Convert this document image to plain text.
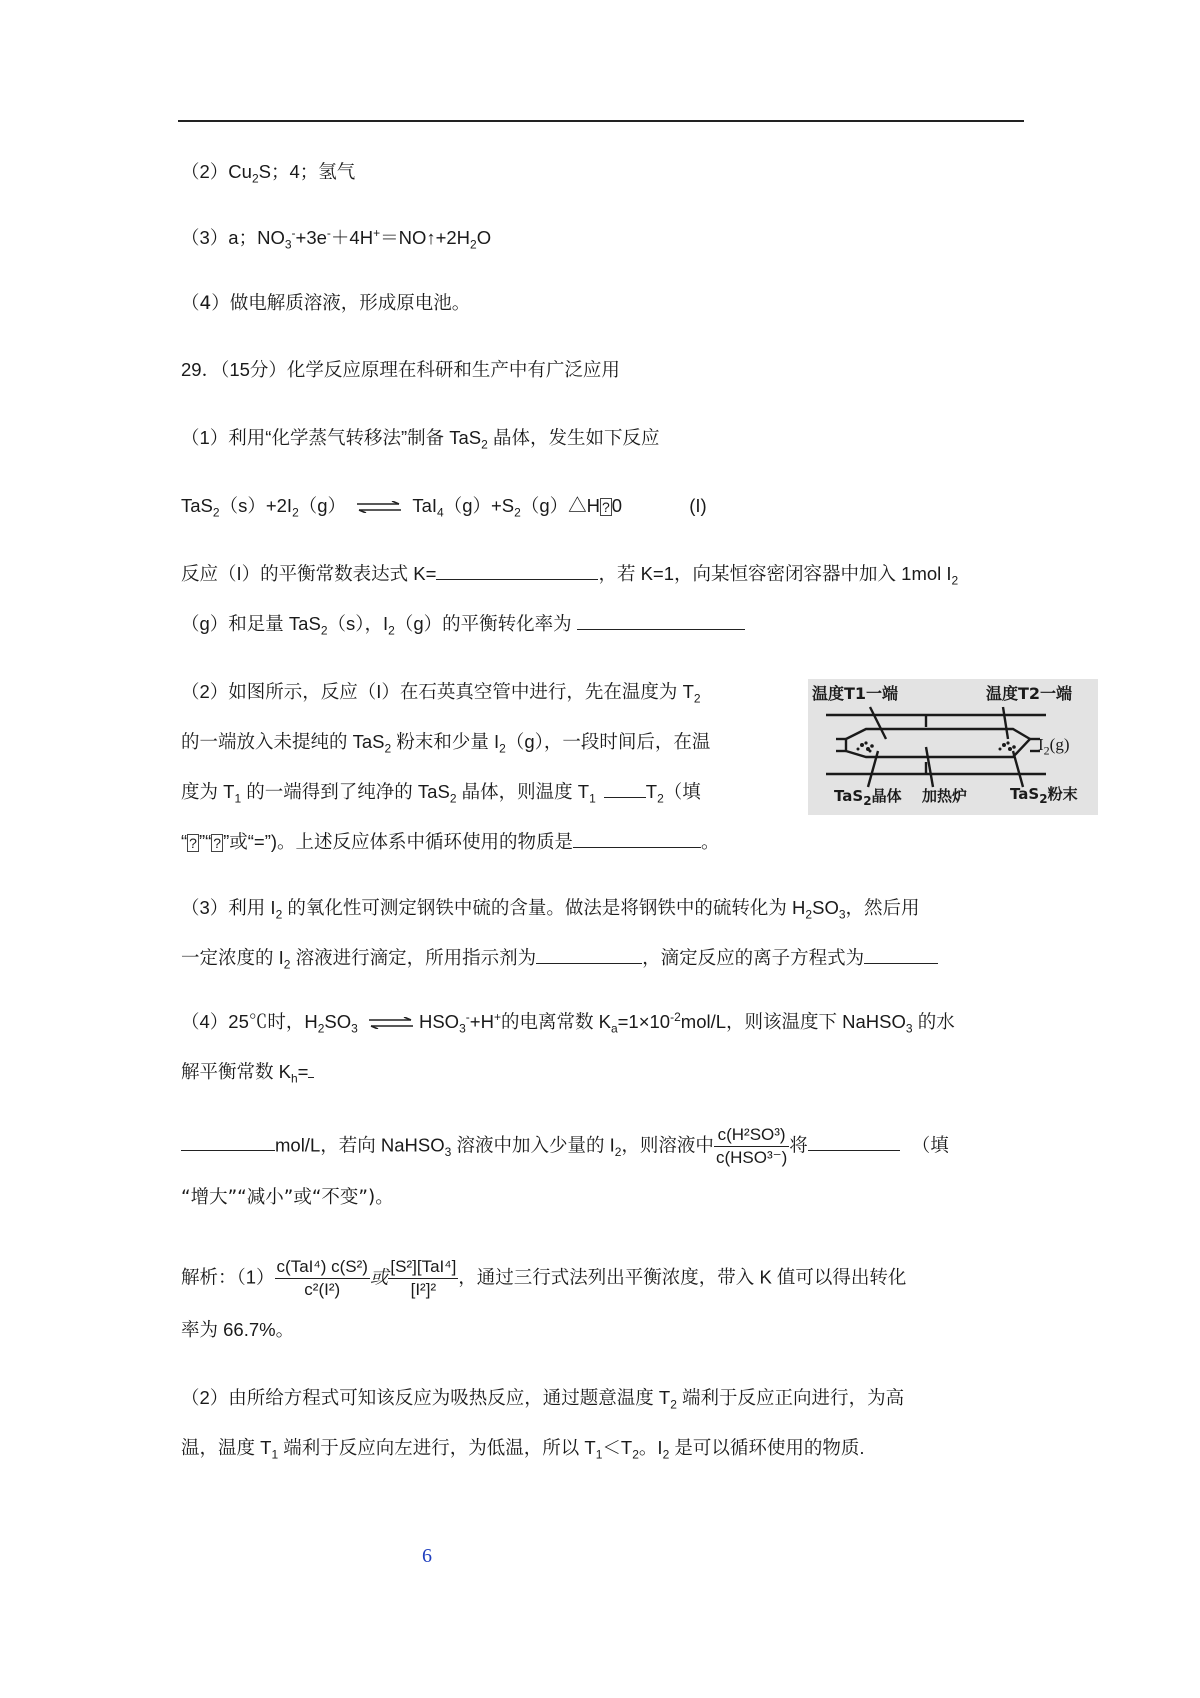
$(2)Cu_2S$；4；氢气
（3）a；$NO_3^-+3e^-+4H^+=NO↑+2H_2O$
（4）做电解质溶液，形成原电池。
29．（15分）化学反应原理在科研和生产中有广泛应用
（1）利用“化学蒸气转移法”制备 TaS$_2$ 晶体，发生如下反应
$TaS_2(s)+2I_2(g)$ ⇌ $TaI_4(g)+S_2(g)\triangle H$ ? 0	(I)
反应（I）的平衡常数表达式 K=	，若 K=1，向某恒容密闭容器中加入 1mol $I_2$
（g）和足量 TaS$_2$（s），$I_2(g)$的平衡转化率为
（2）如图所示，反应（I）在石英真空管中进行，先在温度为 $T_2$
的一端放入未提纯的 TaS$_2$ 粉末和少量 $I_2(g)$，一段时间后，在温
度为 $T_1$ 的一端得到了纯净的 TaS$_2$ 晶体，则温度 $T_1$	$T_2$（填
“ ? ”“ ? ”或“=”)。上述反应体系中循环使用的物质是	。
温度T1一端	温度T2一端
$I_2(g)$
TaS$_2$晶体 加热炉	TaS$_2$粉末
（3）利用 $I_2$ 的氧化性可测定钢铁中硫的含量。做法是将钢铁中的硫转化为 $H_2SO_3$，然后用
一定浓度的 $I_2$ 溶液进行滴定，所用指示剂为	，滴定反应的离子方程式为
（4）25℃时，$H_2SO_3$ ⇌ $HSO_3^-+H^+$的电离常数 $K_a=1\times 10^{-2}mol/L$，则该温度下 NaHSO$_3$ 的水
解平衡常数 $K_h=$
mol/L，若向 NaHSO$_3$ 溶液中加入少量的 $I_2$，则溶液中 $\frac{\text{c(H²SO³)}}{\text{c(HSO³⁻)}}$ 将	（填
“增大”“减小”或“不变”)。
解析：$(1) \frac{\text{c(TaI⁴) c(S²)}}{\text{c²(I²)}}$ 或 $\frac{\text{[S²][TaI⁴]}}{\text{[I²]²}}$ ，通过三行式法列出平衡浓度，带入 K 值可以得出转化
率为 66.7%。
（2）由所给方程式可知该反应为吸热反应，通过题意温度 $T_2$ 端利于反应正向进行，为高
温，温度 $T_1$ 端利于反应向左进行，为低温，所以 $T_1<T_2$。$I_2$ 是可以循环使用的物质.
6
